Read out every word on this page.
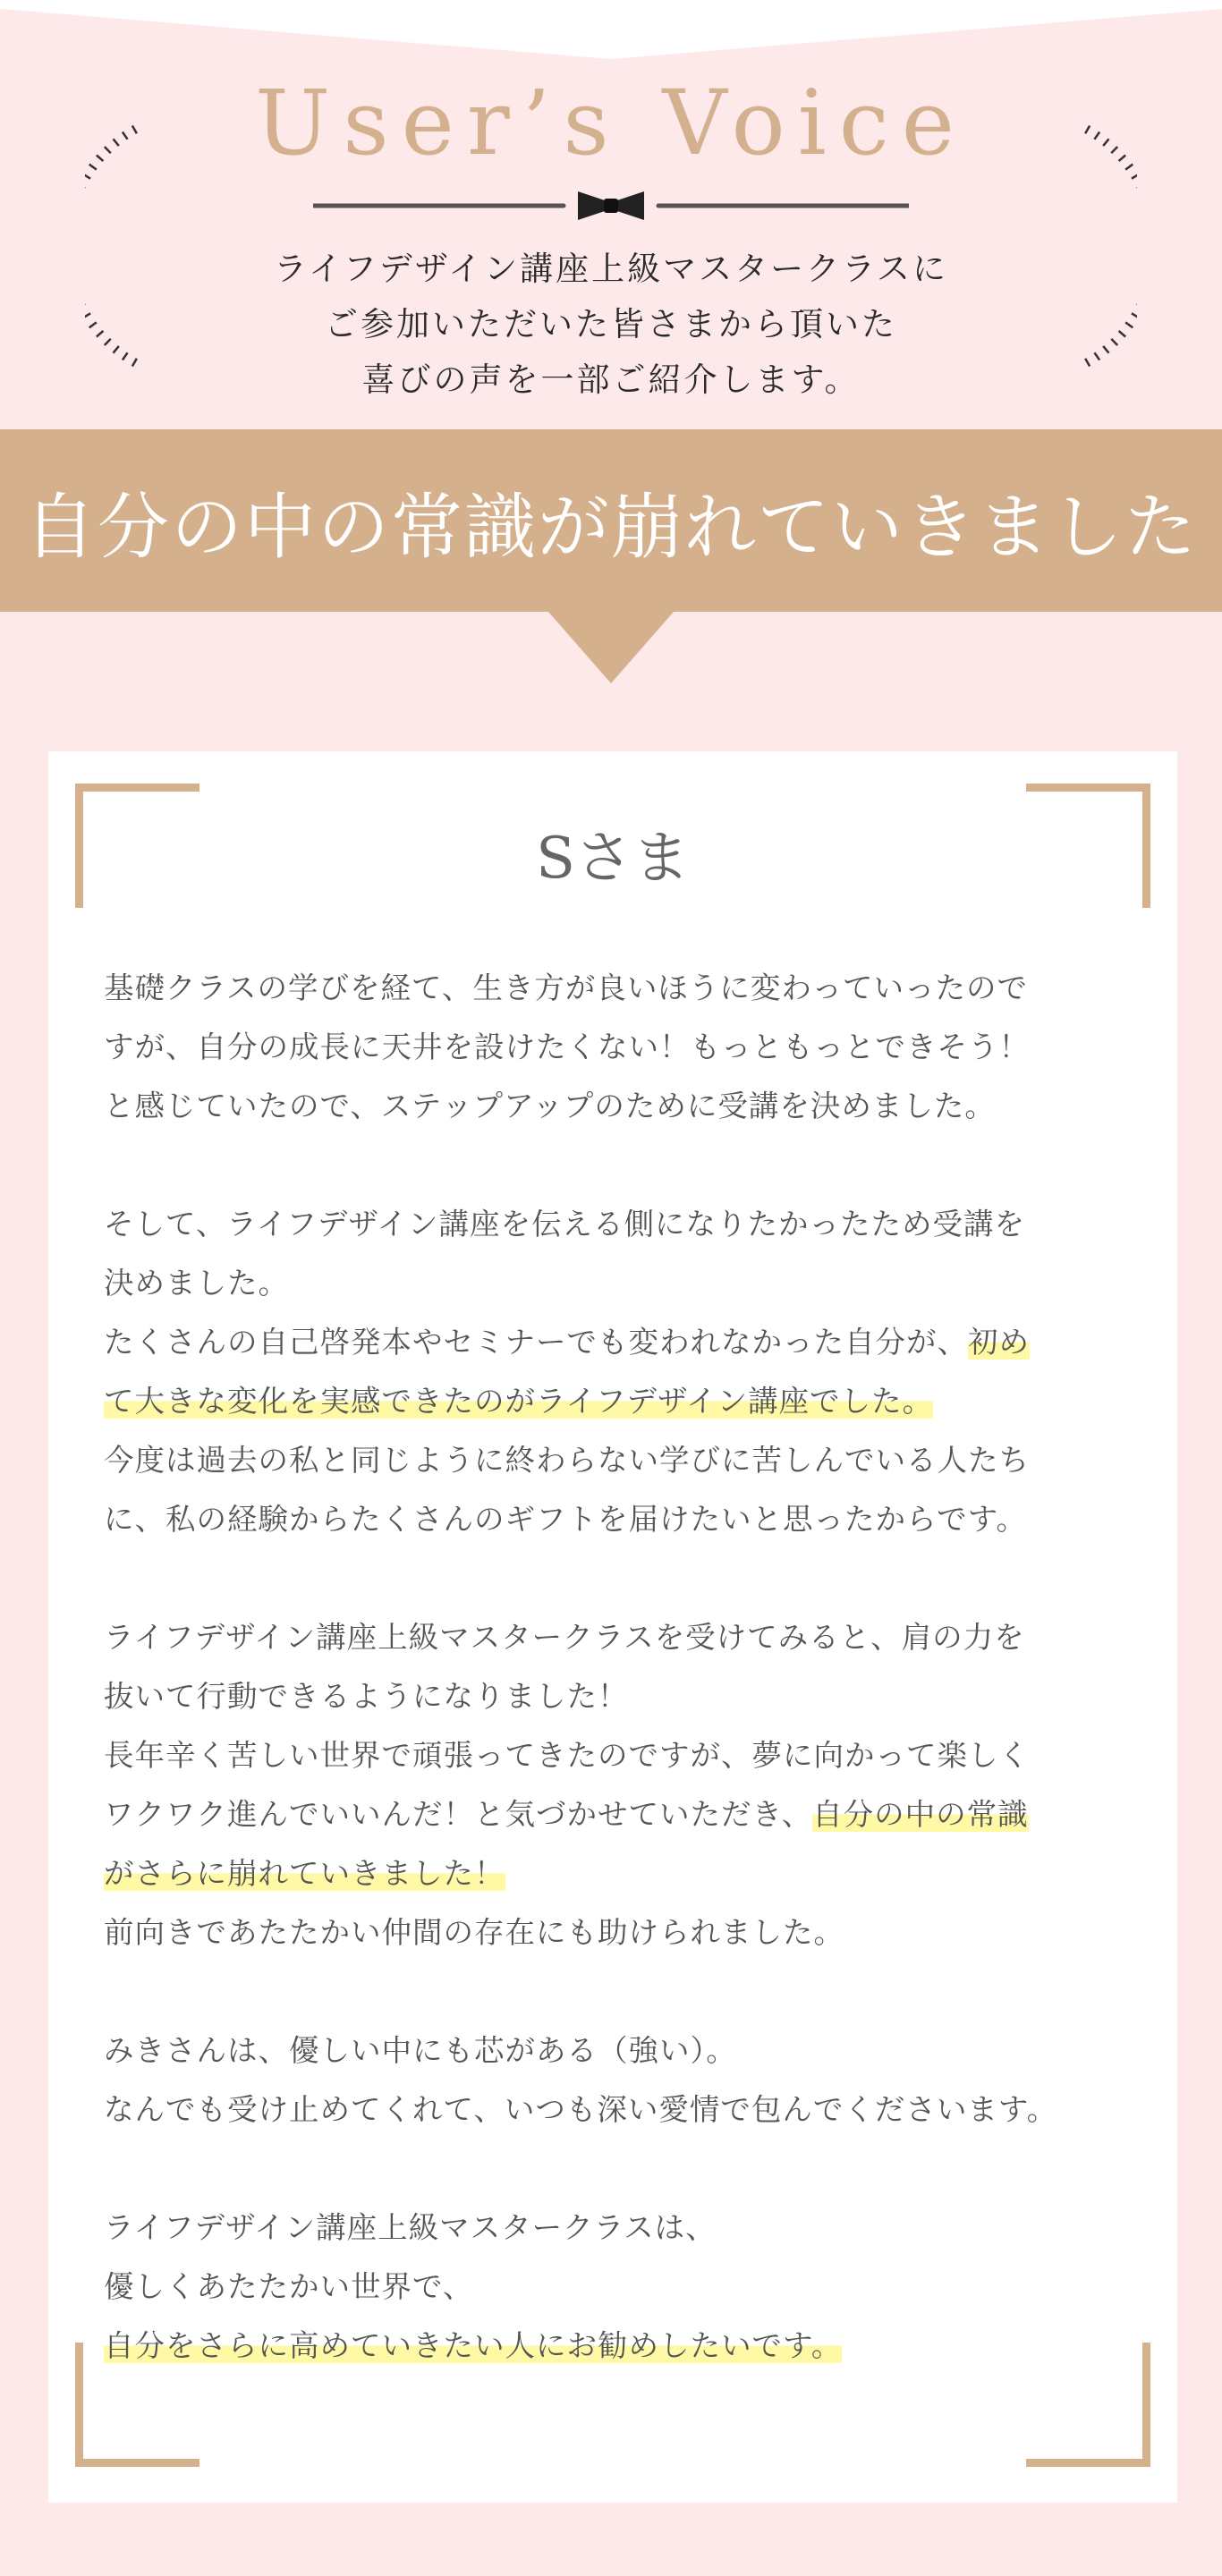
User’s Voice
ライフデザイン講座上級マスタークラスに
ご参加いただいた皆さまから頂いた
喜びの声を一部ご紹介します。
自分の中の常識が崩れていきました
Sさま
基礎クラスの学びを経て、生き方が良いほうに変わっていったので
すが、自分の成長に天井を設けたくない！もっともっとできそう！
と感じていたので、ステップアップのために受講を決めました。
そして、ライフデザイン講座を伝える側になりたかったため受講を
決めました。
たくさんの自己啓発本やセミナーでも変われなかった自分が、初め
て大きな変化を実感できたのがライフデザイン講座でした。
今度は過去の私と同じように終わらない学びに苦しんでいる人たち
に、私の経験からたくさんのギフトを届けたいと思ったからです。
ライフデザイン講座上級マスタークラスを受けてみると、肩の力を
抜いて行動できるようになりました！
長年辛く苦しい世界で頑張ってきたのですが、夢に向かって楽しく
ワクワク進んでいいんだ！と気づかせていただき、自分の中の常識
がさらに崩れていきました！
前向きであたたかい仲間の存在にも助けられました。
みきさんは、優しい中にも芯がある（強い）。
なんでも受け止めてくれて、いつも深い愛情で包んでくださいます。
ライフデザイン講座上級マスタークラスは、
優しくあたたかい世界で、
自分をさらに高めていきたい人にお勧めしたいです。
